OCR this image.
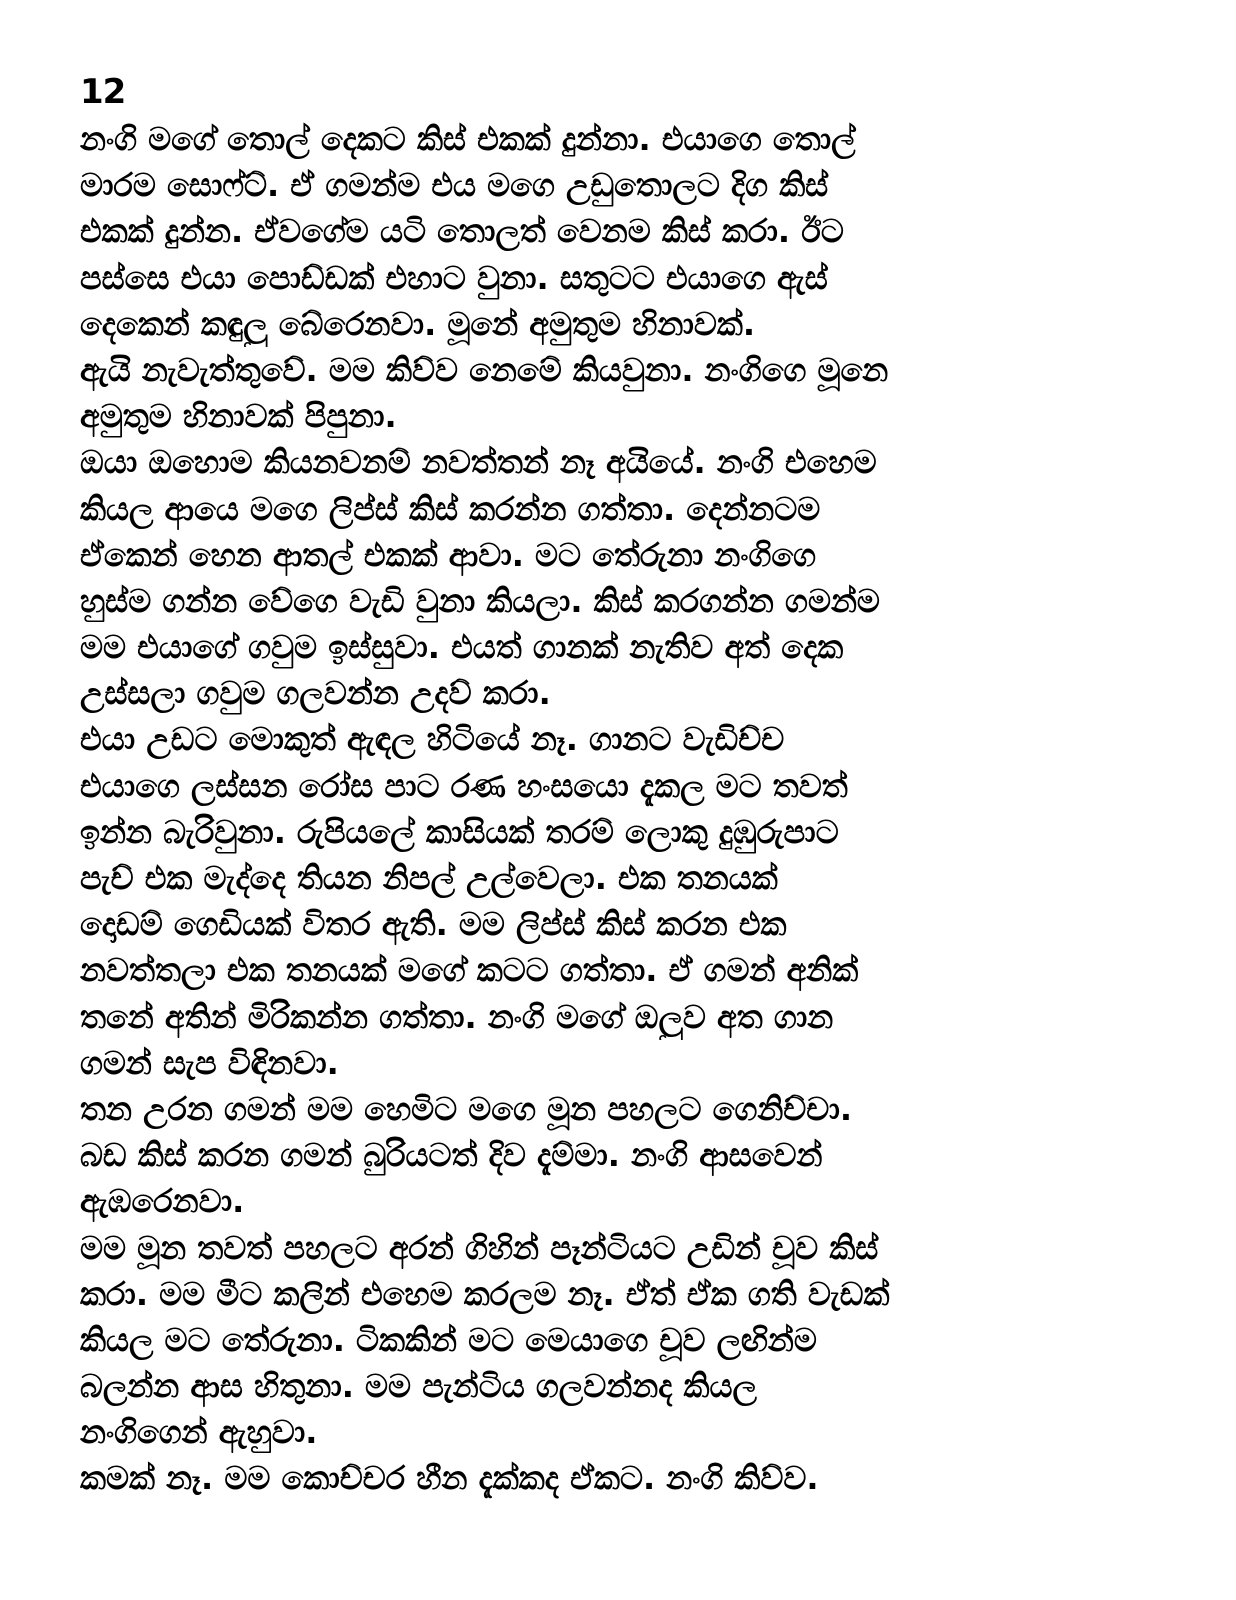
12
නංගි මගේ තොල් දෙකට කිස් එකක් දුන්නා. එයාගෙ තොල්
මාරම සොෆ්ට්. ඒ ගමන්ම එය මගෙ උඩුතොලට දිග කිස්
එකක් දුන්න. ඒවගේම යටි තොලත් වෙනම කිස් කරා. ඊට
පස්සෙ එයා පොඩ්ඩක් එහාට වුනා. සතුටට එයාගෙ ඇස්
දෙකෙන් කඳුලු බේරෙනවා. මූනේ අමුතුම හිනාවක්.
ඇයි නැවැත්තුවේ. මම කිව්ව නෙමේ කියවුනා. නංගිගෙ මූනෙ
අමුතුම හිනාවක් පිපුනා.
ඔයා ඔහොම කියනවනම් නවත්තන් නෑ අයියේ. නංගි එහෙම
කියල ආයෙ මගෙ ලිප්ස් කිස් කරන්න ගත්තා. දෙන්නටම
ඒකෙන් හෙන ආතල් එකක් ආවා. මට තේරුනා නංගිගෙ
හුස්ම ගන්න වේගෙ වැඩි වුනා කියලා. කිස් කරගන්න ගමන්ම
මම එයාගේ ගවුම ඉස්සුවා. එයත් ගානක් නැතිව අත් දෙක
උස්සලා ගවුම ගලවන්න උදව් කරා.
එයා උඩට මොකුත් ඇඳල හිටියේ නෑ. ගානට වැඩිච්ච
එයාගෙ ලස්සන රෝස පාට රණ හංසයො දැකල මට තවත්
ඉන්න බැරිවුනා. රුපියලේ කාසියක් තරම් ලොකු දුඹුරුපාට
පැච් එක මැද්දෙ තියන නිපල් උල්වෙලා. එක තනයක්
දොඩම් ගෙඩියක් විතර ඇති. මම ලිප්ස් කිස් කරන එක
නවත්තලා එක තනයක් මගේ කටට ගත්තා. ඒ ගමන් අනික්
තනේ අතින් මිරිකන්න ගත්තා. නංගි මගේ ඔලුව අත ගාන
ගමන් සැප විඳිනවා.
තන උරන ගමන් මම හෙමිට මගෙ මූන පහලට ගෙනිච්චා.
බඩ කිස් කරන ගමන් බුරියටත් දිව දැම්මා. නංගි ආසවෙන්
ඇඹරෙනවා.
මම මූන තවත් පහලට අරන් ගිහින් පෑන්ටියට උඩින් චූව කිස්
කරා. මම මීට කලින් එහෙම කරලම නෑ. ඒත් ඒක ගති වැඩක්
කියල මට තේරුනා. ටිකකින් මට මෙයාගෙ චූව ලඟින්ම
බලන්න ආස හිතුනා. මම පැන්ටිය ගලවන්නද කියල
නංගිගෙන් ඇහුවා.
කමක් නෑ. මම කොච්චර හීන දැක්කද ඒකට. නංගි කිව්ව.
